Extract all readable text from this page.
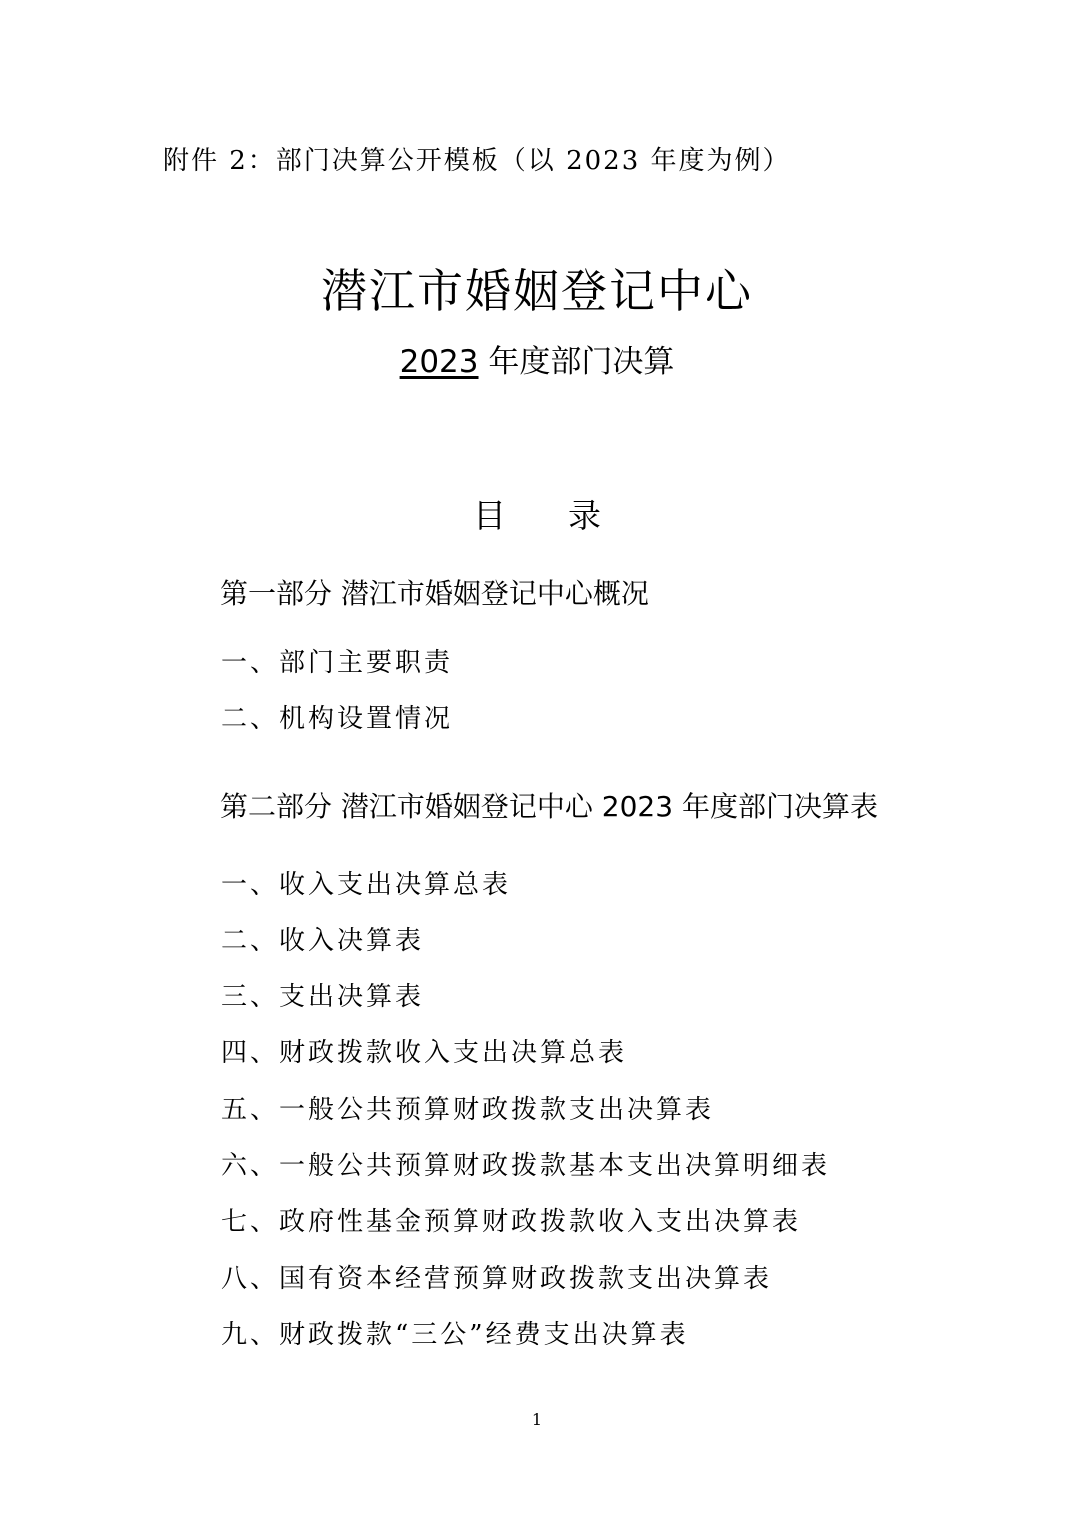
附件 2：部门决算公开模板（以 2023 年度为例）
潜江市婚姻登记中心
2023 年度部门决算
目 录
第一部分 潜江市婚姻登记中心概况
一、部门主要职责
二、机构设置情况
第二部分 潜江市婚姻登记中心 2023 年度部门决算表
一、收入支出决算总表
二、收入决算表
三、支出决算表
四、财政拨款收入支出决算总表
五、一般公共预算财政拨款支出决算表
六、一般公共预算财政拨款基本支出决算明细表
七、政府性基金预算财政拨款收入支出决算表
八、国有资本经营预算财政拨款支出决算表
九、财政拨款“三公”经费支出决算表
1
